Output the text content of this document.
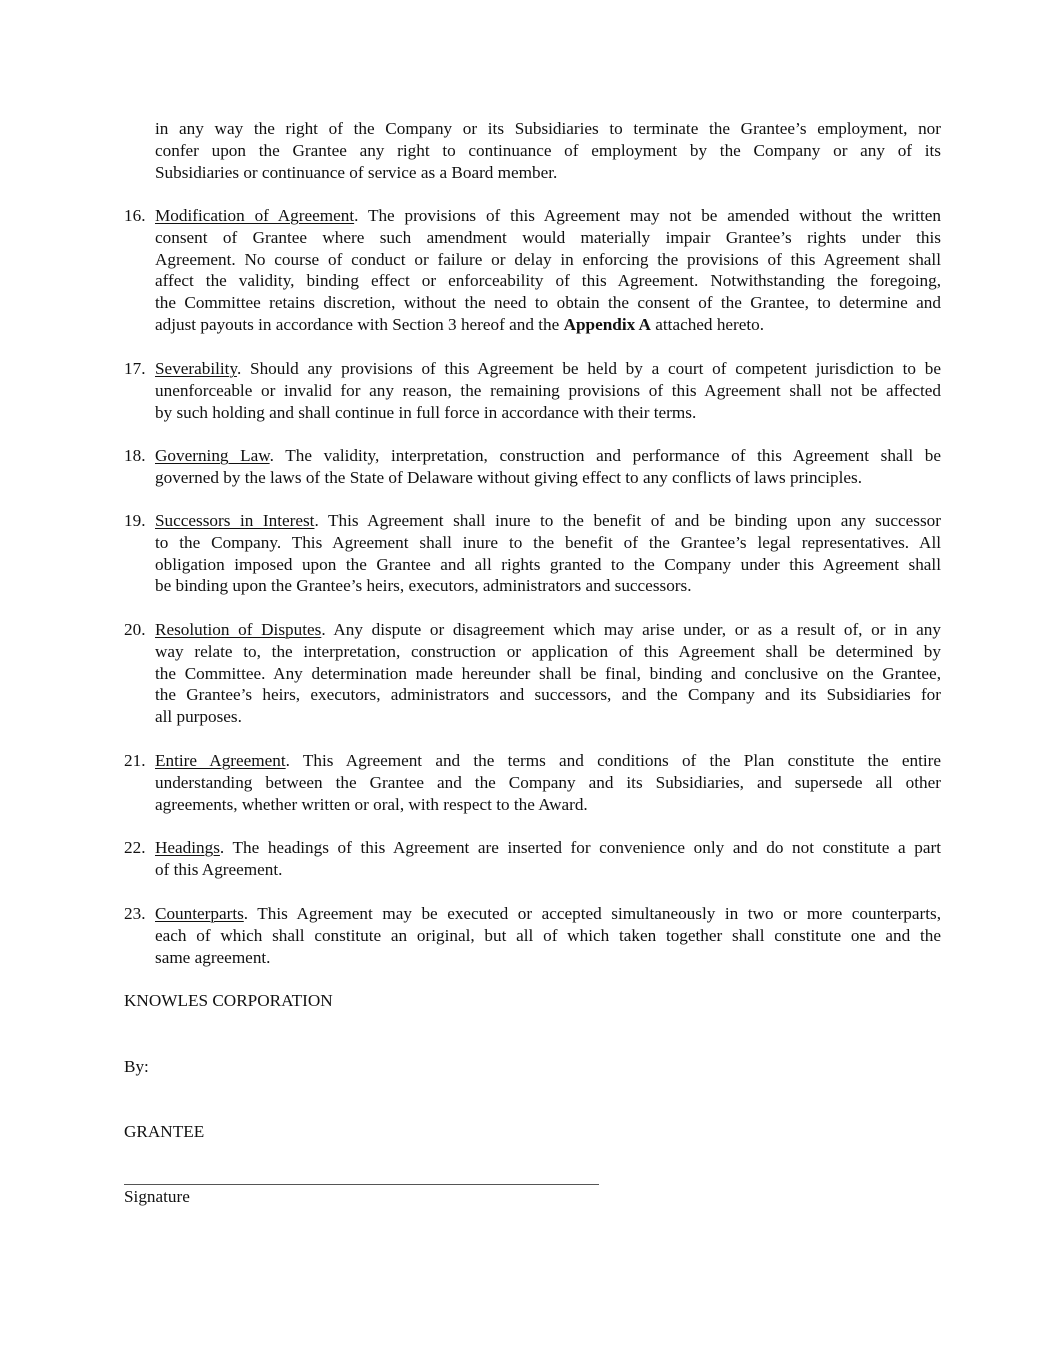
in any way the right of the Company or its Subsidiaries to terminate the Grantee’s employment, nor
confer upon the Grantee any right to continuance of employment by the Company or any of its
Subsidiaries or continuance of service as a Board member.
16. Modification of Agreement. The provisions of this Agreement may not be amended without the written
consent of Grantee where such amendment would materially impair Grantee’s rights under this
Agreement. No course of conduct or failure or delay in enforcing the provisions of this Agreement shall
affect the validity, binding effect or enforceability of this Agreement. Notwithstanding the foregoing,
the Committee retains discretion, without the need to obtain the consent of the Grantee, to determine and
adjust payouts in accordance with Section 3 hereof and the Appendix A attached hereto.
17. Severability. Should any provisions of this Agreement be held by a court of competent jurisdiction to be
unenforceable or invalid for any reason, the remaining provisions of this Agreement shall not be affected
by such holding and shall continue in full force in accordance with their terms.
18. Governing Law. The validity, interpretation, construction and performance of this Agreement shall be
governed by the laws of the State of Delaware without giving effect to any conflicts of laws principles.
19. Successors in Interest. This Agreement shall inure to the benefit of and be binding upon any successor
to the Company. This Agreement shall inure to the benefit of the Grantee’s legal representatives. All
obligation imposed upon the Grantee and all rights granted to the Company under this Agreement shall
be binding upon the Grantee’s heirs, executors, administrators and successors.
20. Resolution of Disputes. Any dispute or disagreement which may arise under, or as a result of, or in any
way relate to, the interpretation, construction or application of this Agreement shall be determined by
the Committee. Any determination made hereunder shall be final, binding and conclusive on the Grantee,
the Grantee’s heirs, executors, administrators and successors, and the Company and its Subsidiaries for
all purposes.
21. Entire Agreement. This Agreement and the terms and conditions of the Plan constitute the entire
understanding between the Grantee and the Company and its Subsidiaries, and supersede all other
agreements, whether written or oral, with respect to the Award.
22. Headings. The headings of this Agreement are inserted for convenience only and do not constitute a part
of this Agreement.
23. Counterparts. This Agreement may be executed or accepted simultaneously in two or more counterparts,
each of which shall constitute an original, but all of which taken together shall constitute one and the
same agreement.
KNOWLES CORPORATION
By:
GRANTEE
Signature
